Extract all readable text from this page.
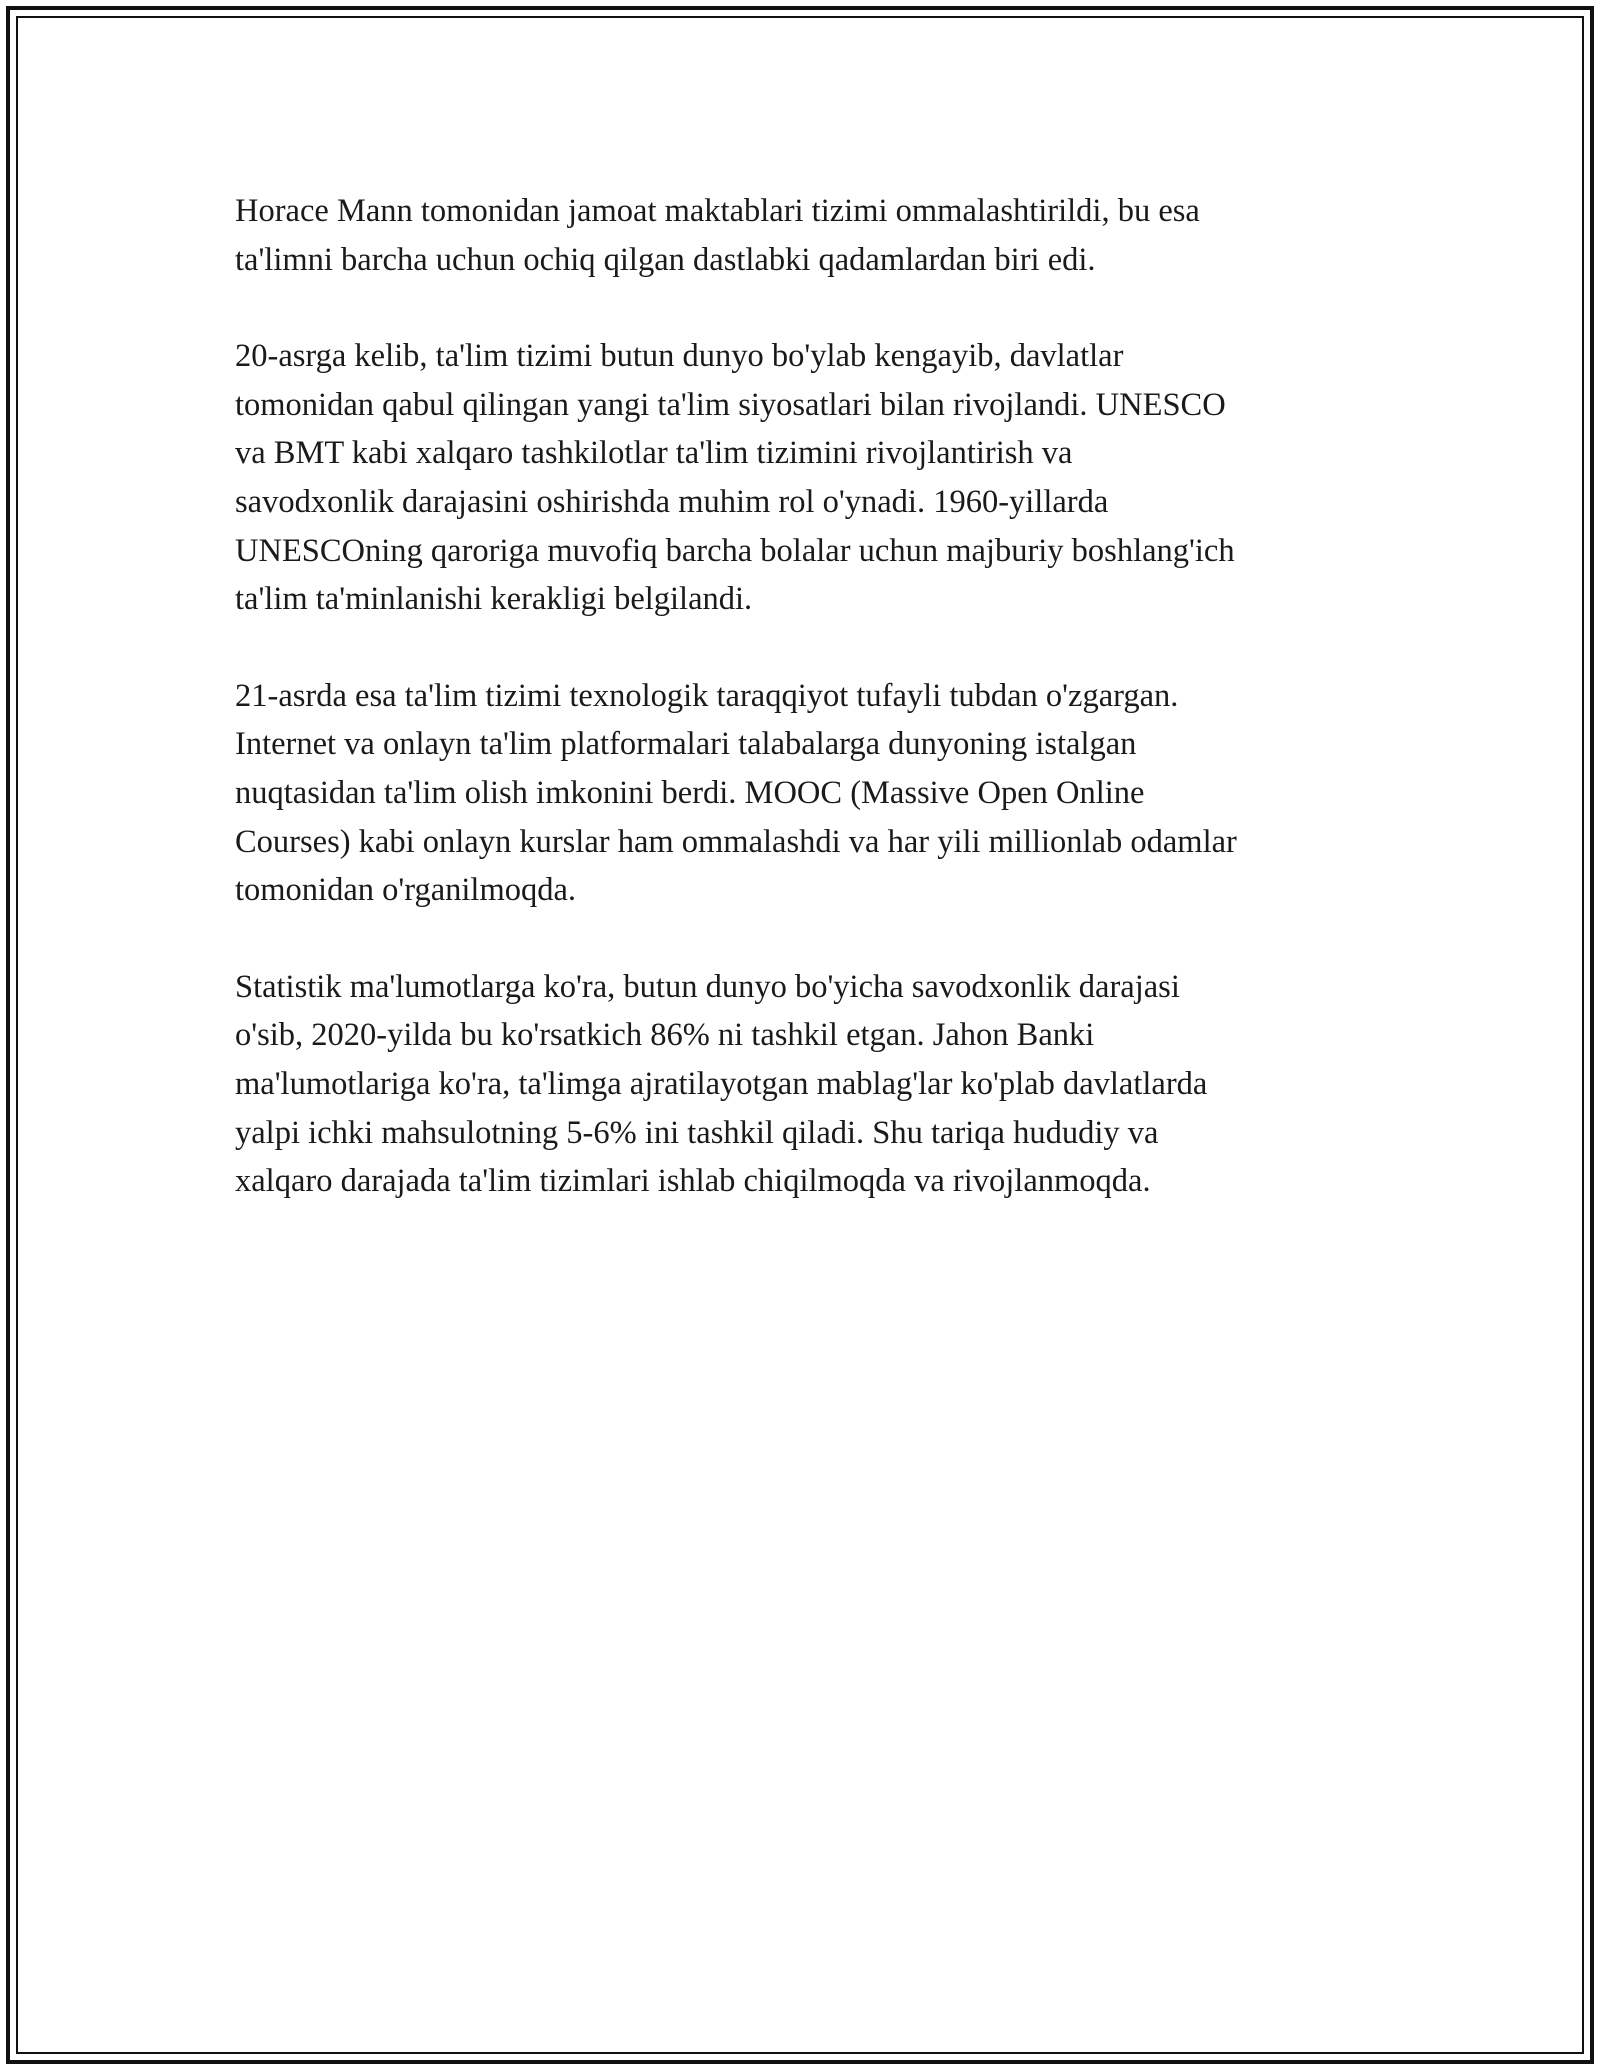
Horace Mann tomonidan jamoat maktablari tizimi ommalashtirildi, bu esa
ta'limni barcha uchun ochiq qilgan dastlabki qadamlardan biri edi.

20-asrga kelib, ta'lim tizimi butun dunyo bo'ylab kengayib, davlatlar
tomonidan qabul qilingan yangi ta'lim siyosatlari bilan rivojlandi. UNESCO
va BMT kabi xalqaro tashkilotlar ta'lim tizimini rivojlantirish va
savodxonlik darajasini oshirishda muhim rol o'ynadi. 1960-yillarda
UNESCOning qaroriga muvofiq barcha bolalar uchun majburiy boshlang'ich
ta'lim ta'minlanishi kerakligi belgilandi.

21-asrda esa ta'lim tizimi texnologik taraqqiyot tufayli tubdan o'zgargan.
Internet va onlayn ta'lim platformalari talabalarga dunyoning istalgan
nuqtasidan ta'lim olish imkonini berdi. MOOC (Massive Open Online
Courses) kabi onlayn kurslar ham ommalashdi va har yili millionlab odamlar
tomonidan o'rganilmoqda.

Statistik ma'lumotlarga ko'ra, butun dunyo bo'yicha savodxonlik darajasi
o'sib, 2020-yilda bu ko'rsatkich 86% ni tashkil etgan. Jahon Banki
ma'lumotlariga ko'ra, ta'limga ajratilayotgan mablag'lar ko'plab davlatlarda
yalpi ichki mahsulotning 5-6% ini tashkil qiladi. Shu tariqa hududiy va
xalqaro darajada ta'lim tizimlari ishlab chiqilmoqda va rivojlanmoqda.
